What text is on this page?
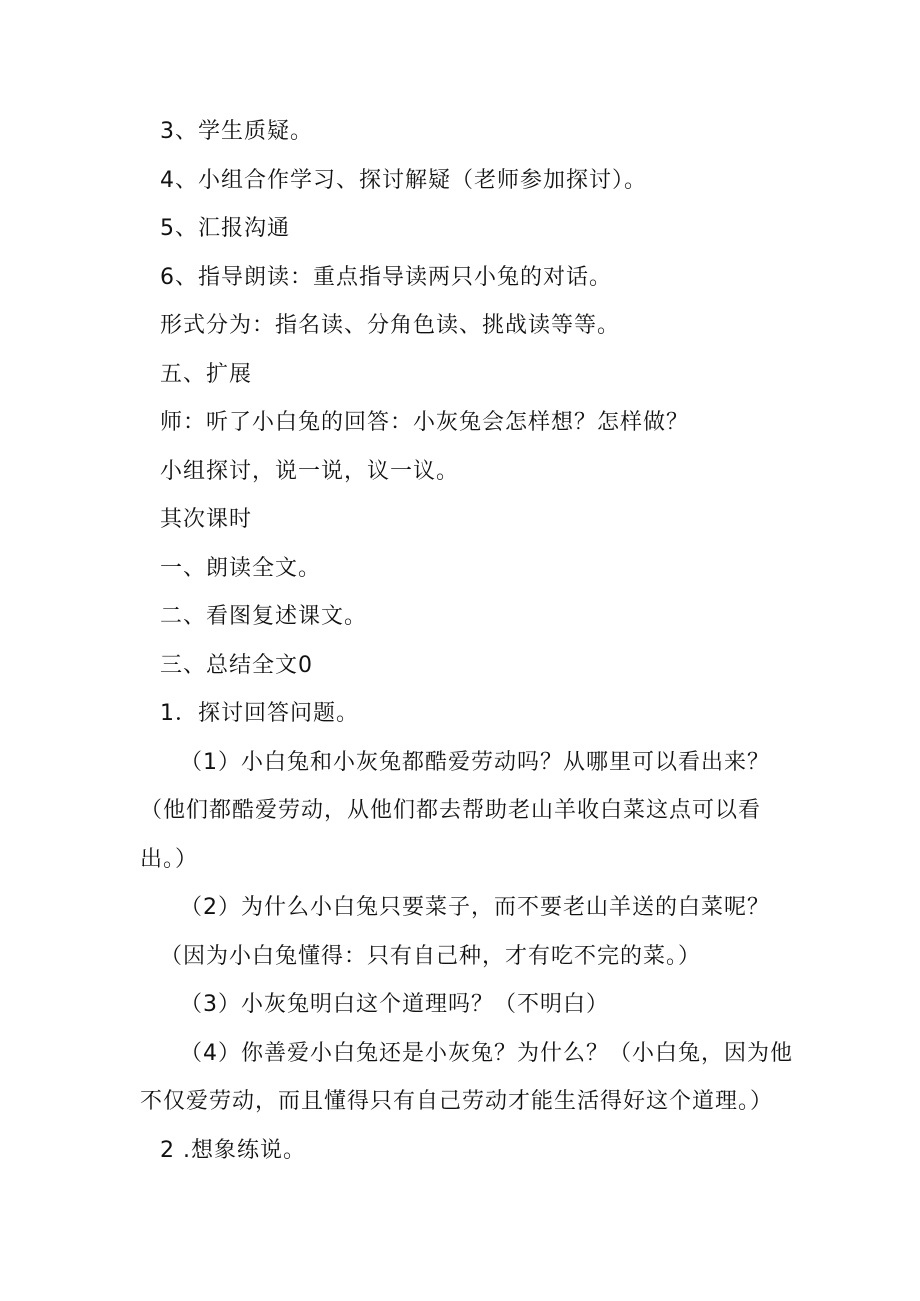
3、学生质疑。
4、小组合作学习、探讨解疑（老师参加探讨）。
5、汇报沟通
6、指导朗读：重点指导读两只小兔的对话。
形式分为：指名读、分角色读、挑战读等等。
五、扩展
师：听了小白兔的回答：小灰兔会怎样想？怎样做？
小组探讨，说一说，议一议。
其次课时
一、朗读全文。
二、看图复述课文。
三、总结全文0
1．探讨回答问题。
（1）小白兔和小灰兔都酷爱劳动吗？从哪里可以看出来？
（他们都酷爱劳动，从他们都去帮助老山羊收白菜这点可以看
出。）
（2）为什么小白兔只要菜子，而不要老山羊送的白菜呢？
（因为小白兔懂得：只有自己种，才有吃不完的菜。）
（3）小灰兔明白这个道理吗？（不明白）
（4）你善爱小白兔还是小灰兔？为什么？（小白兔，因为他
不仅爱劳动，而且懂得只有自己劳动才能生活得好这个道理。）
2 .想象练说。
